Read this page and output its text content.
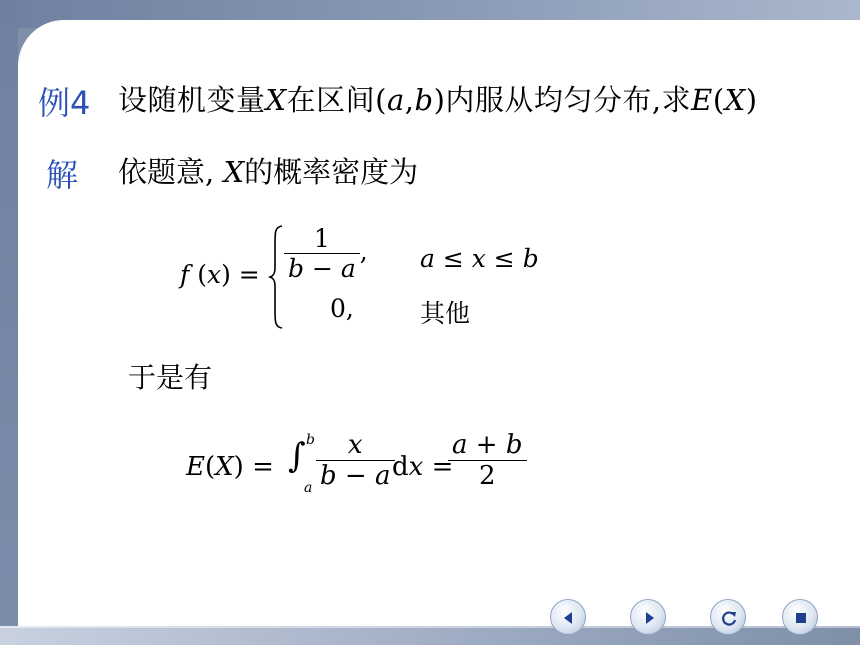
例4 设随机变量X在区间(a,b)内服从均匀分布,求E(X)
解 依题意, X的概率密度为
f $(x) = \frac{1}{b - a}$ , a ≤ x ≤ b
0,	其他
于是有
E(X) = ∫ b
a $\frac{x}{b - a}$
dx =
$\frac{a + b}{2}$
